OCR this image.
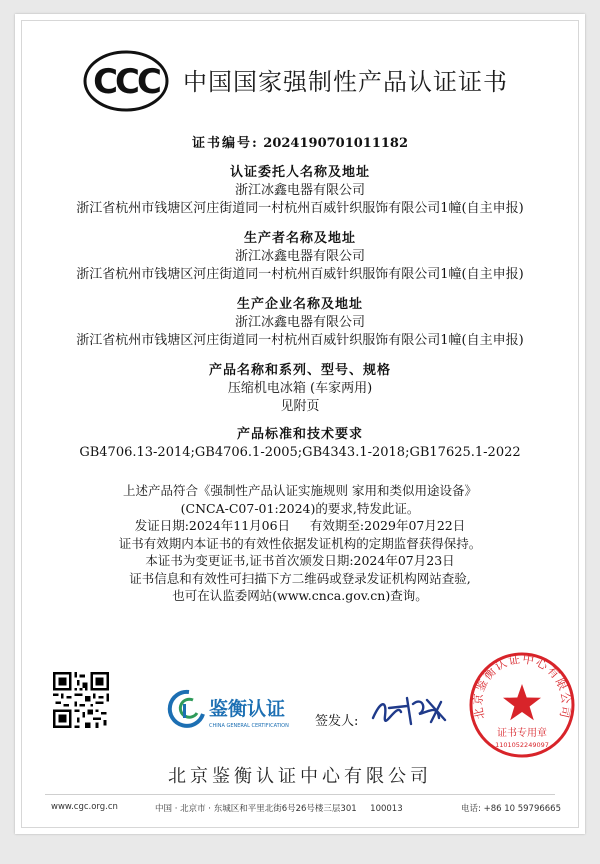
CCC 中国国家强制性产品认证证书
证书编号: 2024190701011182
认证委托人名称及地址
浙江冰鑫电器有限公司
浙江省杭州市钱塘区河庄街道同一村杭州百威针织服饰有限公司1幢(自主申报)
生产者名称及地址
浙江冰鑫电器有限公司
浙江省杭州市钱塘区河庄街道同一村杭州百威针织服饰有限公司1幢(自主申报)
生产企业名称及地址
浙江冰鑫电器有限公司
浙江省杭州市钱塘区河庄街道同一村杭州百威针织服饰有限公司1幢(自主申报)
产品名称和系列、型号、规格
压缩机电冰箱 (车家两用)
见附页
产品标准和技术要求
GB4706.13-2014;GB4706.1-2005;GB4343.1-2018;GB17625.1-2022
上述产品符合《强制性产品认证实施规则 家用和类似用途设备》
(CNCA-C07-01:2024)的要求,特发此证。
发证日期:2024年11月06日     有效期至:2029年07月22日
证书有效期内本证书的有效性依据发证机构的定期监督获得保持。
本证书为变更证书,证书首次颁发日期:2024年07月23日
证书信息和有效性可扫描下方二维码或登录发证机构网站查验,
也可在认监委网站(www.cnca.gov.cn)查询。
鉴衡认证
CHINA GENERAL CERTIFICATION 签发人:
北京鉴衡认证中心有限公司
证书专用章
1101052249097
北京鉴衡认证中心有限公司
www.cgc.org.cn	中国 · 北京市 · 东城区和平里北街6号26号楼三层301     100013	电话: +86 10 59796665
